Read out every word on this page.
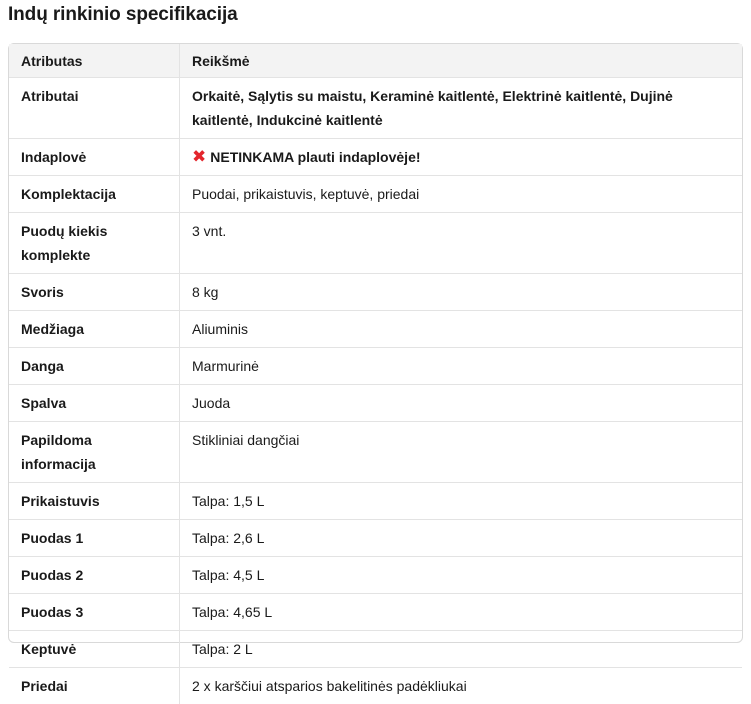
Indų rinkinio specifikacija
Atributas	Reikšmė
Atributai	Orkaitė, Sąlytis su maistu, Keraminė kaitlentė, Elektrinė kaitlentė, Dujinė kaitlentė, Indukcinė kaitlentė
Indaplovė	✖ NETINKAMA plauti indaplovėje!
Komplektacija	Puodai, prikaistuvis, keptuvė, priedai
Puodų kiekis komplekte	3 vnt.
Svoris	8 kg
Medžiaga	Aliuminis
Danga	Marmurinė
Spalva	Juoda
Papildoma informacija	Stikliniai dangčiai
Prikaistuvis	Talpa: 1,5 L
Puodas 1	Talpa: 2,6 L
Puodas 2	Talpa: 4,5 L
Puodas 3	Talpa: 4,65 L
Keptuvė	Talpa: 2 L
Priedai	2 x karščiui atsparios bakelitinės padėkliukai
